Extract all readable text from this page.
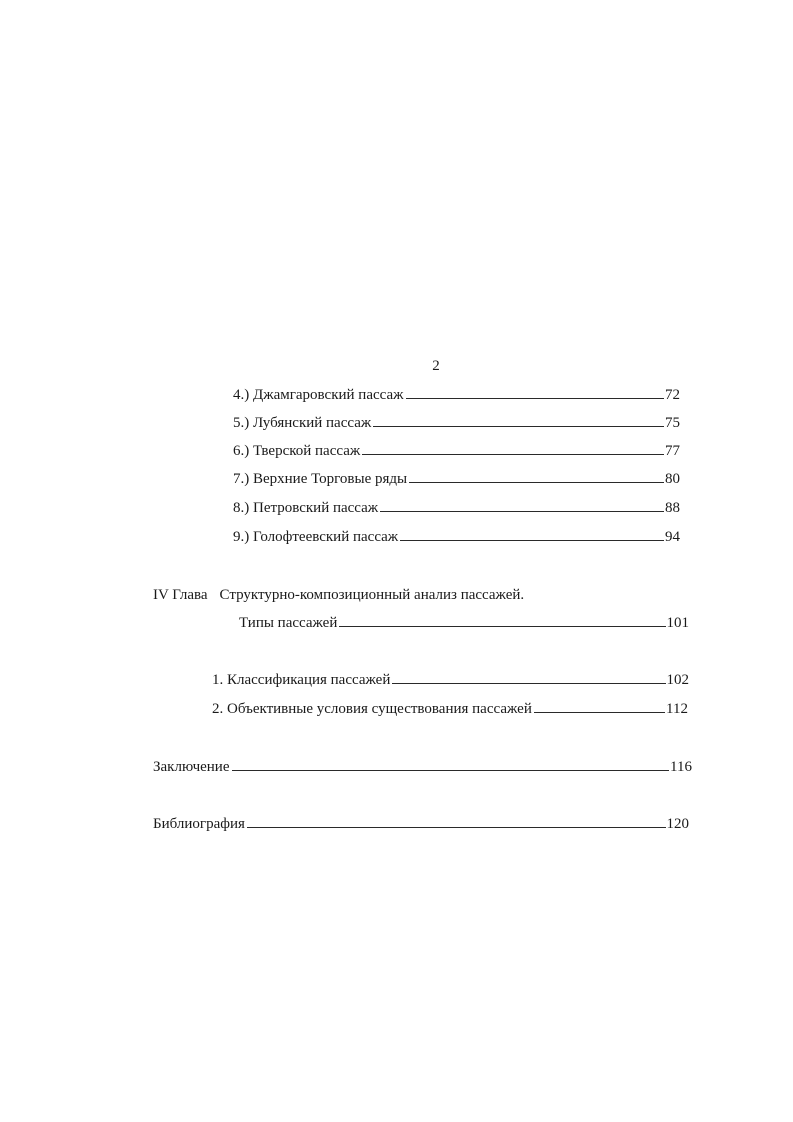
2
4.) Джамгаровский пассаж	72
5.) Лубянский пассаж	75
6.) Тверской пассаж	77
7.) Верхние Торговые ряды	80
8.) Петровский пассаж	88
9.) Голофтеевский пассаж	94
IV Глава Структурно-композиционный анализ пассажей.
Типы пассажей	101
1. Классификация пассажей	102
2. Объективные условия существования пассажей	112
Заключение	116
Библиография	120
